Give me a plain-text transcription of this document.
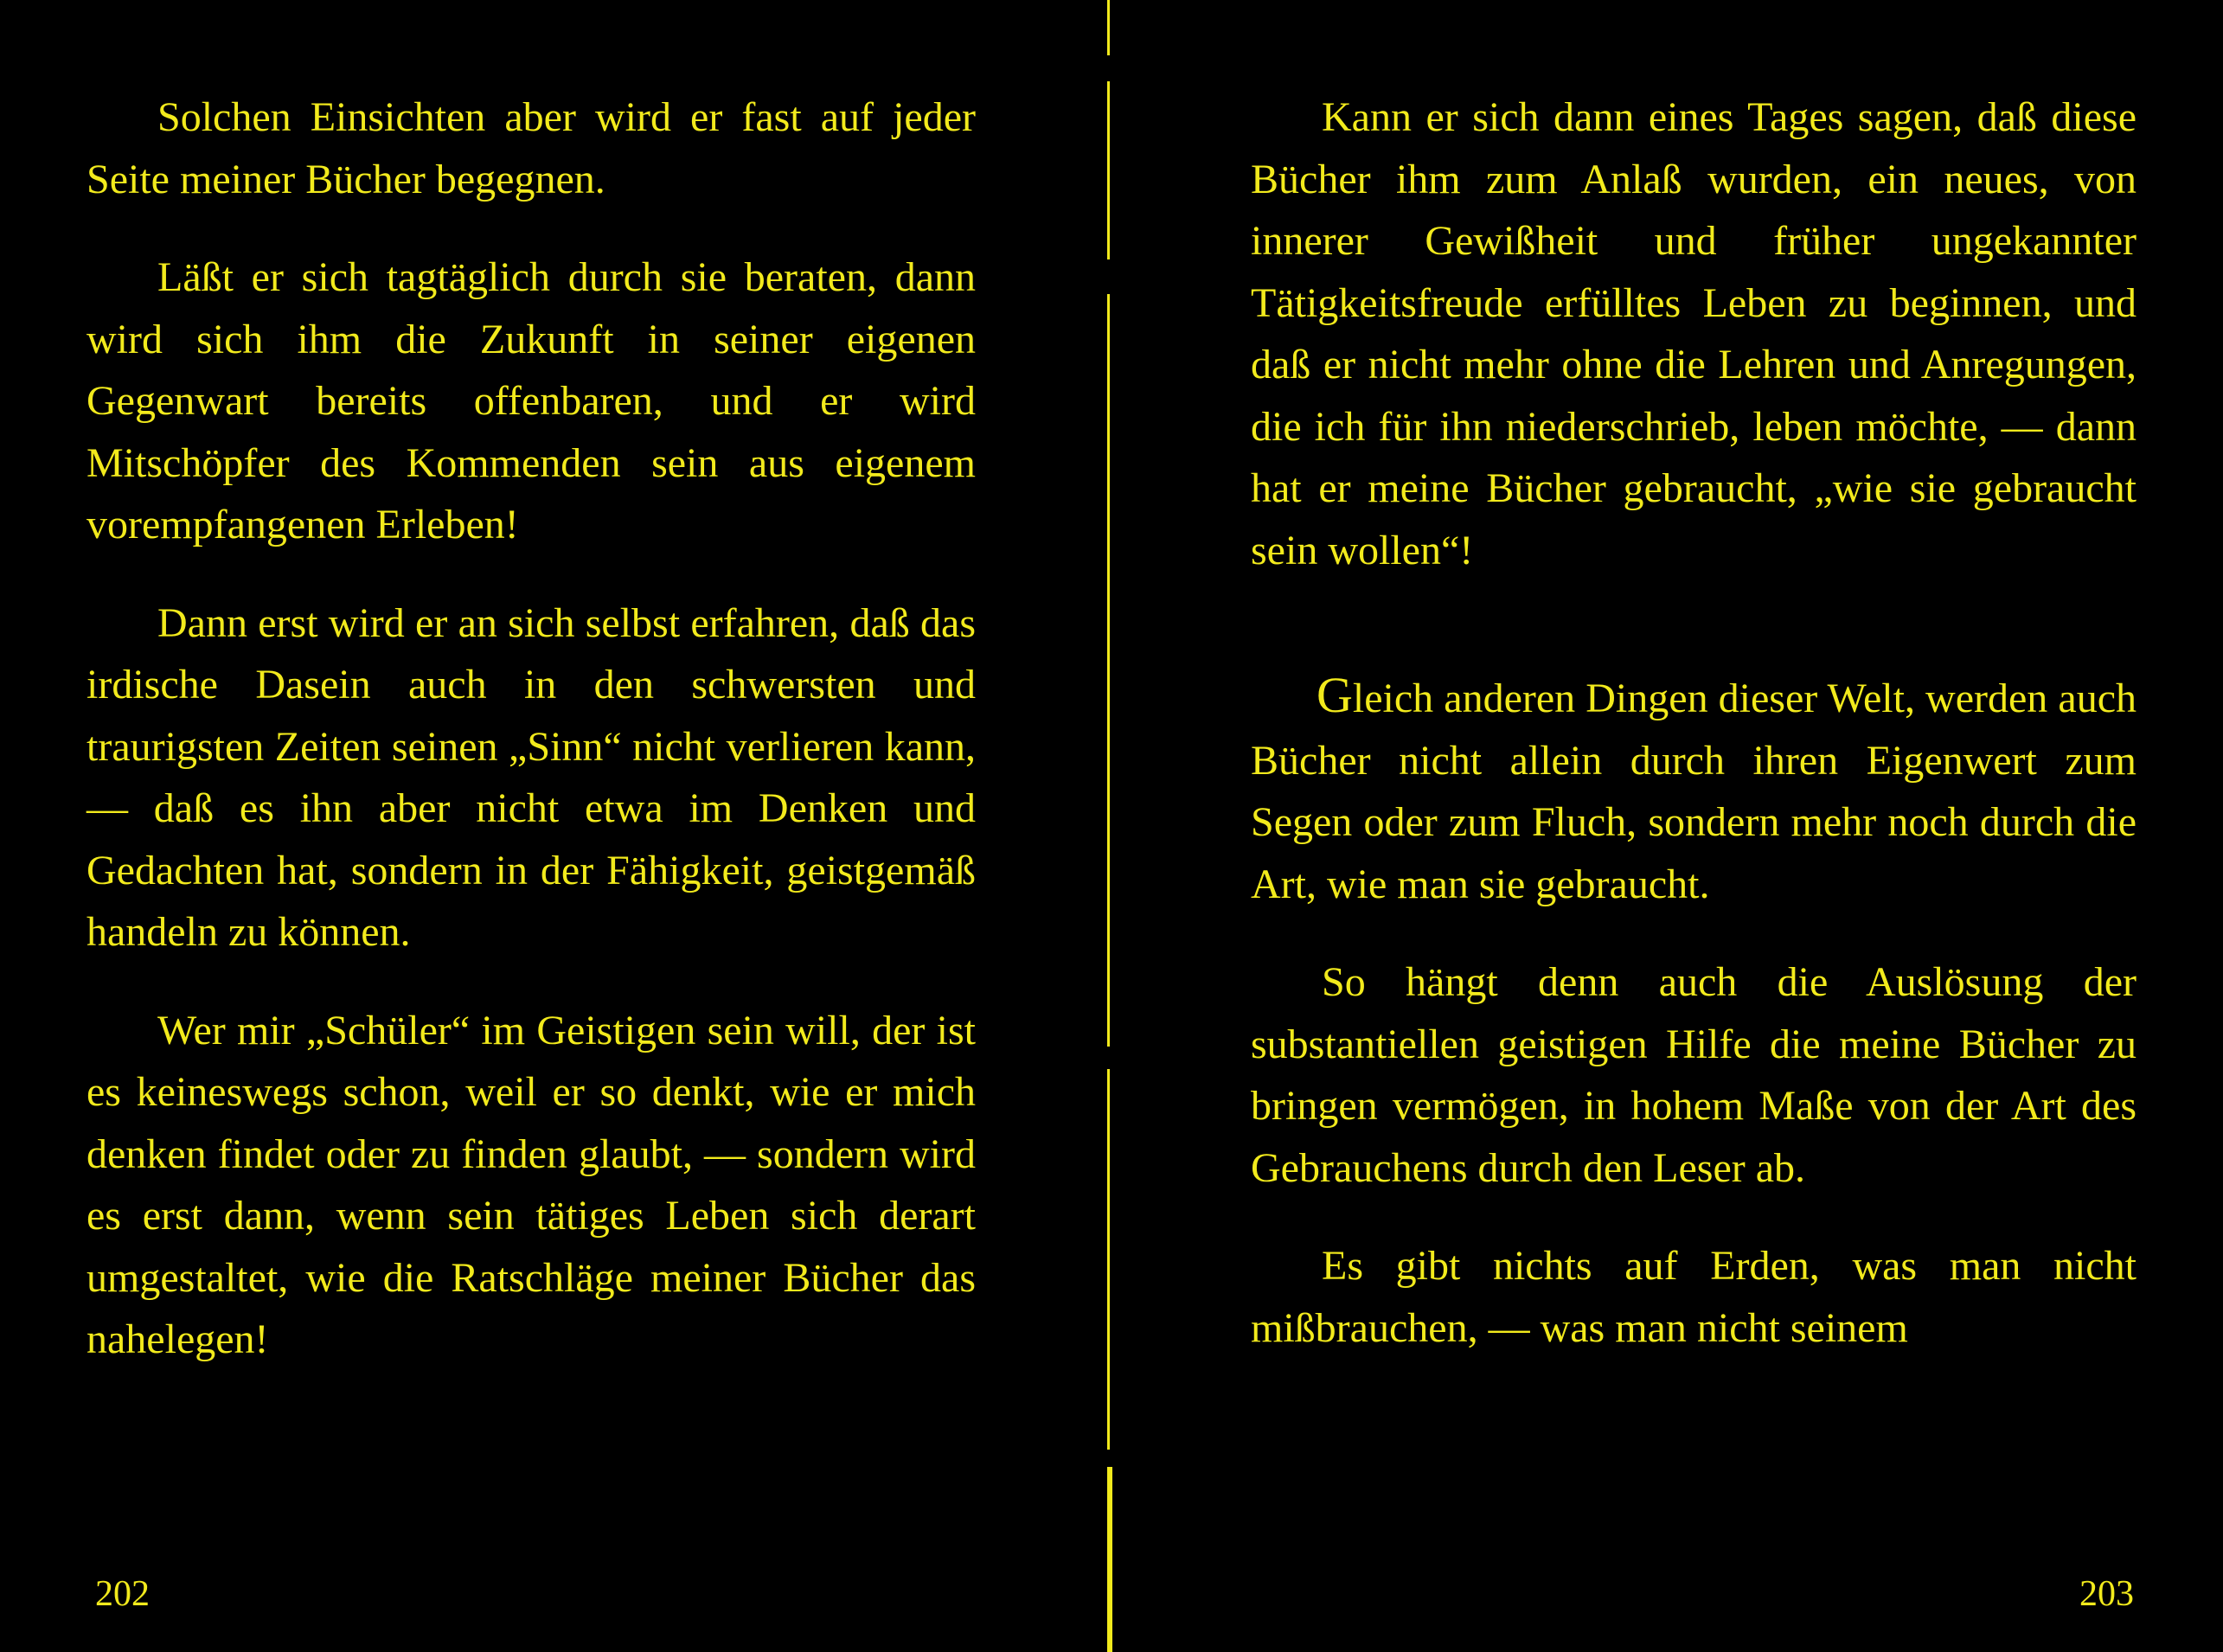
Solchen Einsichten aber wird er fast auf jeder Seite meiner Bücher begegnen.

Läßt er sich tagtäglich durch sie beraten, dann wird sich ihm die Zukunft in seiner eigenen Gegenwart bereits offenbaren, und er wird Mitschöpfer des Kommenden sein aus eigenem vorempfangenen Erleben!

Dann erst wird er an sich selbst erfahren, daß das irdische Dasein auch in den schwersten und traurigsten Zeiten seinen „Sinn“ nicht verlieren kann, — daß es ihn aber nicht etwa im Denken und Gedachten hat, sondern in der Fähigkeit, geistgemäß handeln zu können.

Wer mir „Schüler“ im Geistigen sein will, der ist es keineswegs schon, weil er so denkt, wie er mich denken findet oder zu finden glaubt, — sondern wird es erst dann, wenn sein tätiges Leben sich derart umgestaltet, wie die Ratschläge meiner Bücher das nahelegen!

202

Kann er sich dann eines Tages sagen, daß diese Bücher ihm zum Anlaß wurden, ein neues, von innerer Gewißheit und früher ungekannter Tätigkeitsfreude erfülltes Leben zu beginnen, und daß er nicht mehr ohne die Lehren und Anregungen, die ich für ihn niederschrieb, leben möchte, — dann hat er meine Bücher gebraucht, „wie sie gebraucht sein wollen“!

Gleich anderen Dingen dieser Welt, werden auch Bücher nicht allein durch ihren Eigenwert zum Segen oder zum Fluch, sondern mehr noch durch die Art, wie man sie gebraucht.

So hängt denn auch die Auslösung der substantiellen geistigen Hilfe die meine Bücher zu bringen vermögen, in hohem Maße von der Art des Gebrauchens durch den Leser ab.

Es gibt nichts auf Erden, was man nicht mißbrauchen, — was man nicht seinem

203
